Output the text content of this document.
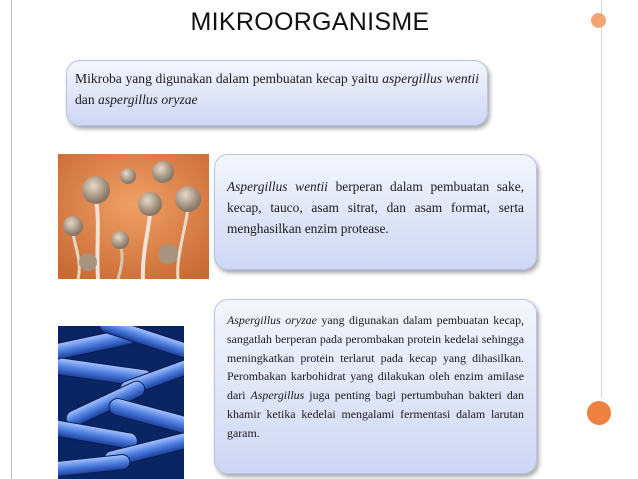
MIKROORGANISME
Mikroba yang digunakan dalam pembuatan kecap yaitu aspergillus wentii dan aspergillus oryzae
Aspergillus wentii berperan dalam pembuatan sake, kecap, tauco, asam sitrat, dan asam format, serta menghasilkan enzim protease.
Aspergillus oryzae yang digunakan dalam pembuatan kecap, sangatlah berperan pada perombakan protein kedelai sehingga meningkatkan protein terlarut pada kecap yang dihasilkan. Perombakan karbohidrat yang dilakukan oleh enzim amilase dari Aspergillus juga penting bagi pertumbuhan bakteri dan khamir ketika kedelai mengalami fermentasi dalam larutan garam.
